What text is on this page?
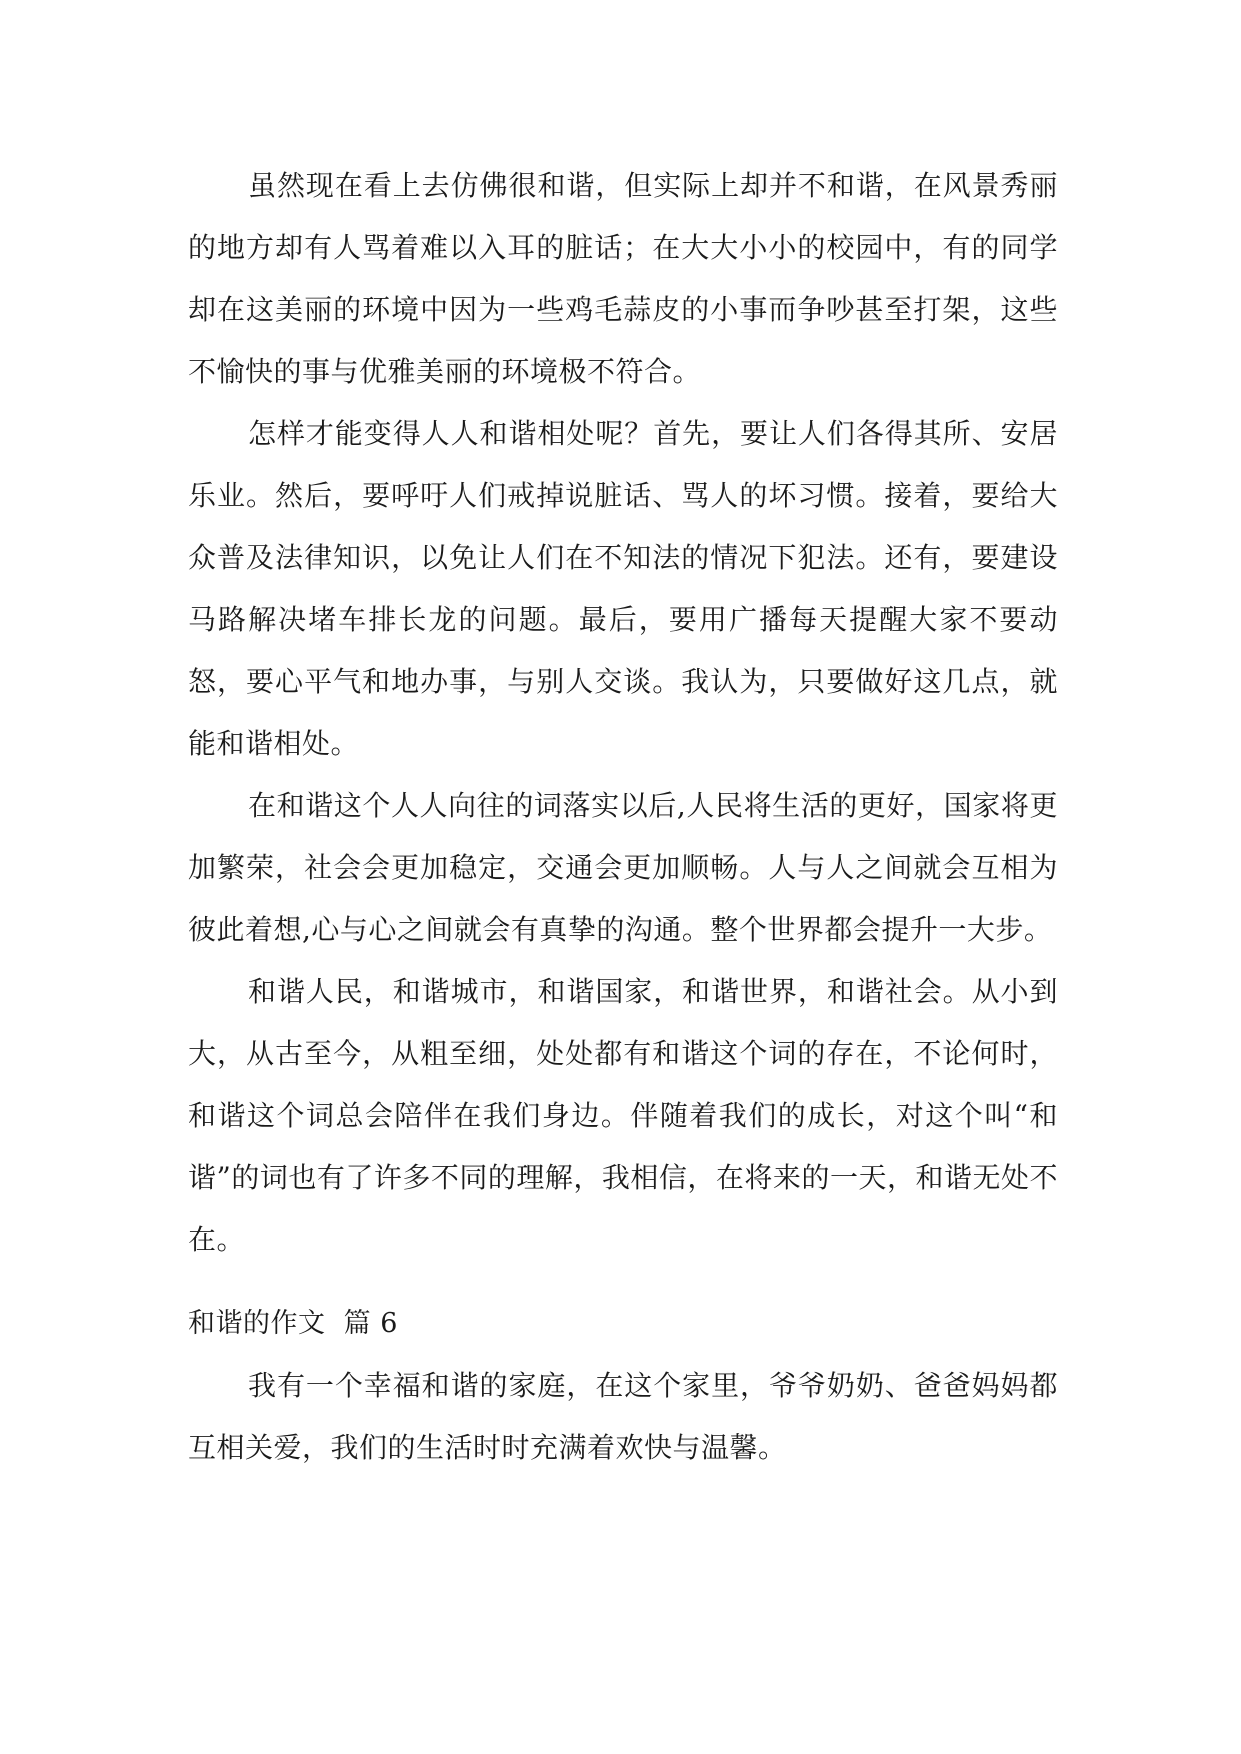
虽然现在看上去仿佛很和谐，但实际上却并不和谐，在风景秀丽的地方却有人骂着难以入耳的脏话；在大大小小的校园中，有的同学却在这美丽的环境中因为一些鸡毛蒜皮的小事而争吵甚至打架，这些不愉快的事与优雅美丽的环境极不符合。

怎样才能变得人人和谐相处呢？首先，要让人们各得其所、安居乐业。然后，要呼吁人们戒掉说脏话、骂人的坏习惯。接着，要给大众普及法律知识，以免让人们在不知法的情况下犯法。还有，要建设马路解决堵车排长龙的问题。最后，要用广播每天提醒大家不要动怒，要心平气和地办事，与别人交谈。我认为，只要做好这几点，就能和谐相处。

在和谐这个人人向往的词落实以后,人民将生活的更好，国家将更加繁荣，社会会更加稳定，交通会更加顺畅。人与人之间就会互相为彼此着想,心与心之间就会有真挚的沟通。整个世界都会提升一大步。

和谐人民，和谐城市，和谐国家，和谐世界，和谐社会。从小到大，从古至今，从粗至细，处处都有和谐这个词的存在，不论何时，和谐这个词总会陪伴在我们身边。伴随着我们的成长，对这个叫“和谐”的词也有了许多不同的理解，我相信，在将来的一天，和谐无处不在。

和谐的作文  篇 6

我有一个幸福和谐的家庭，在这个家里，爷爷奶奶、爸爸妈妈都互相关爱，我们的生活时时充满着欢快与温馨。
